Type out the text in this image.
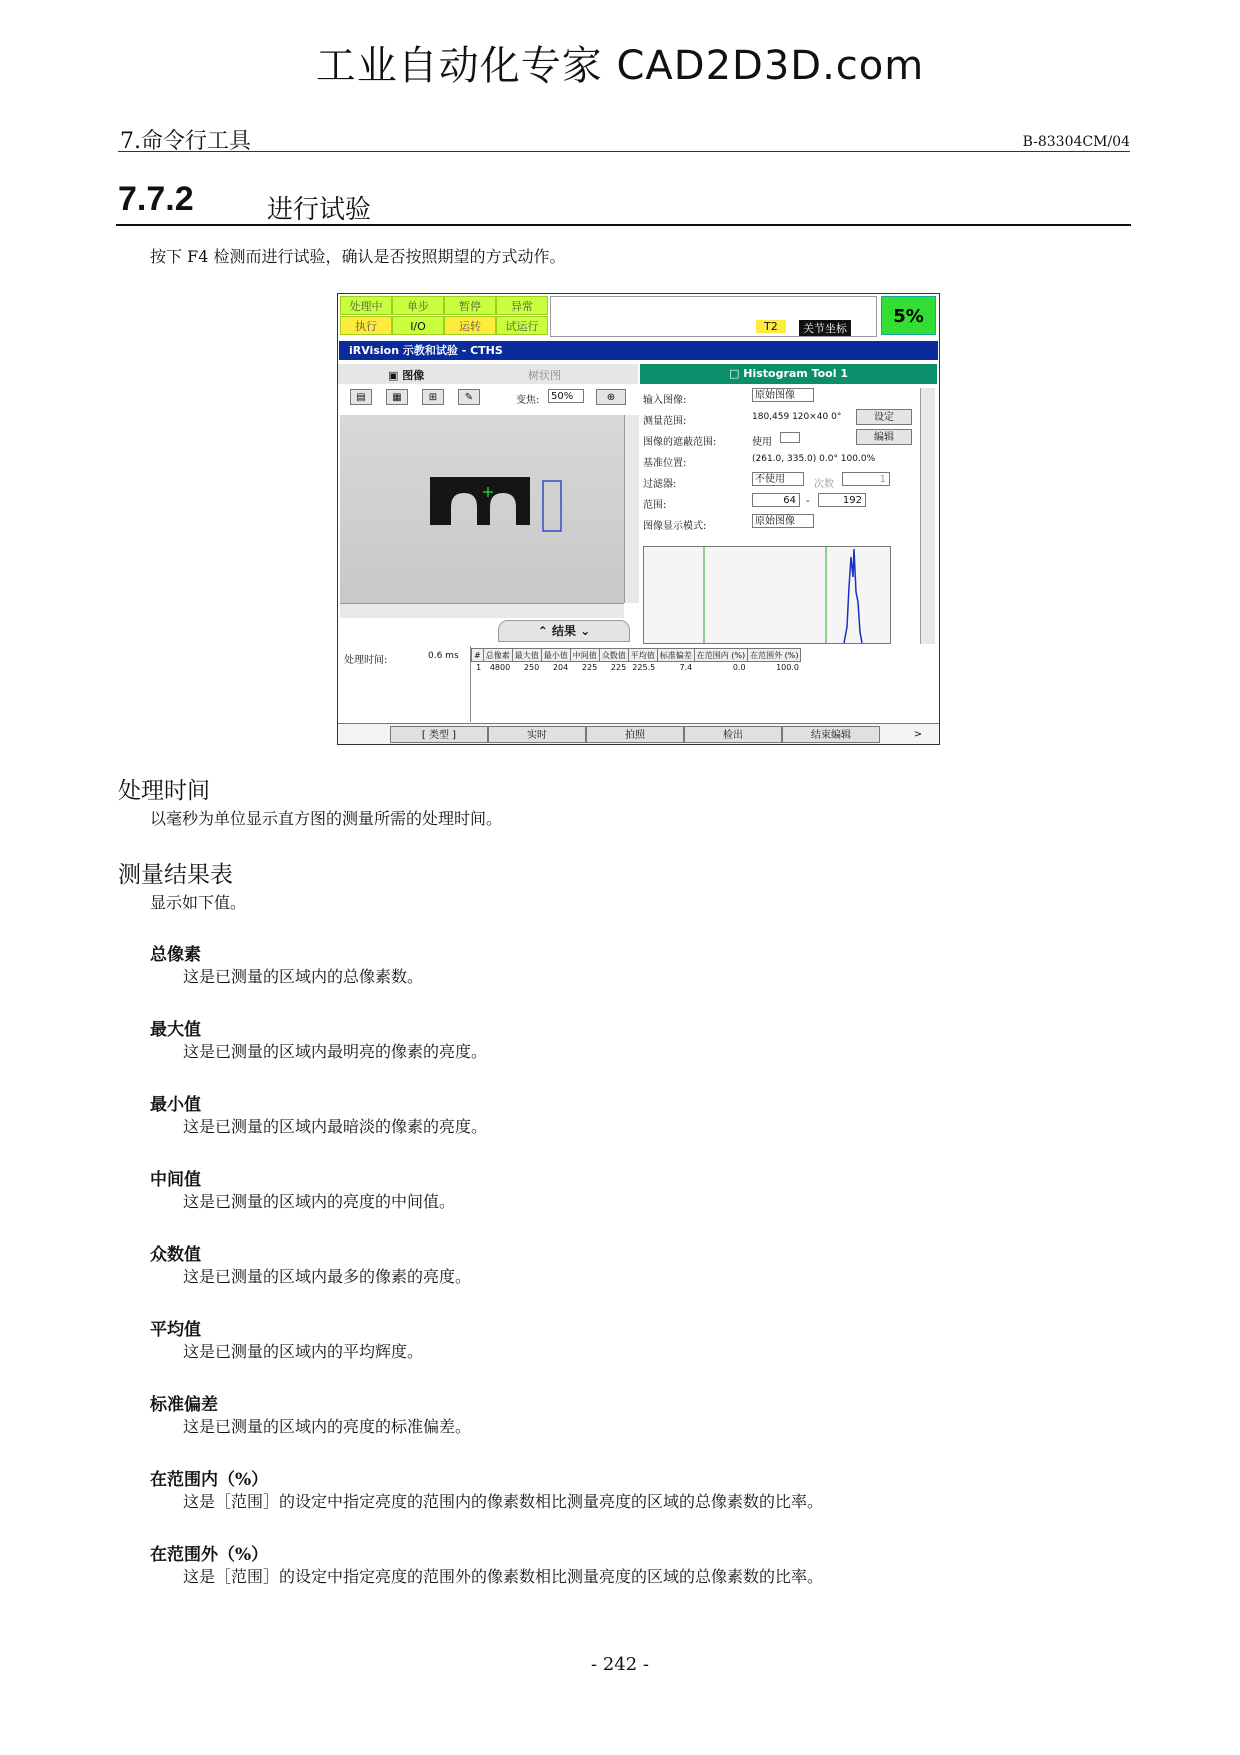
工业自动化专家 CAD2D3D.com
7.命令行工具	B-83304CM/04
7.7.2	进行试验
按下 F4 检测而进行试验，确认是否按照期望的方式动作。
处理中	单步	暂停	异常
执行	I/O	运转	试运行	T2	关节坐标
5%
iRVision 示教和试验 - CTHS
▣ 图像	树状图	□ Histogram Tool 1
▤	▦	⊞	✎	变焦:	50%	⊕
⌃ 结果 ⌄
输入图像:	原始图像
测量范围:	180,459 120×40 0°	设定
图像的遮蔽范围:	使用	编辑
基准位置:	(261.0, 335.0) 0.0° 100.0%
过滤器:	不使用	次数	1
范围:	64	-	192
图像显示模式:	原始图像
处理时间:	0.6 ms #	总像素	最大值	最小值	中间值	众数值	平均值	标准偏差	在范围内 (%)	在范围外 (%)
1	4800	250	204	225	225	225.5	7.4	0.0	100.0
[ 类型 ]	实时	拍照	检出	结束编辑	>
处理时间
以毫秒为单位显示直方图的测量所需的处理时间。
测量结果表
显示如下值。
总像素
这是已测量的区域内的总像素数。
最大值
这是已测量的区域内最明亮的像素的亮度。
最小值
这是已测量的区域内最暗淡的像素的亮度。
中间值
这是已测量的区域内的亮度的中间值。
众数值
这是已测量的区域内最多的像素的亮度。
平均值
这是已测量的区域内的平均辉度。
标准偏差
这是已测量的区域内的亮度的标准偏差。
在范围内（%）
这是［范围］的设定中指定亮度的范围内的像素数相比测量亮度的区域的总像素数的比率。
在范围外（%）
这是［范围］的设定中指定亮度的范围外的像素数相比测量亮度的区域的总像素数的比率。
- 242 -
